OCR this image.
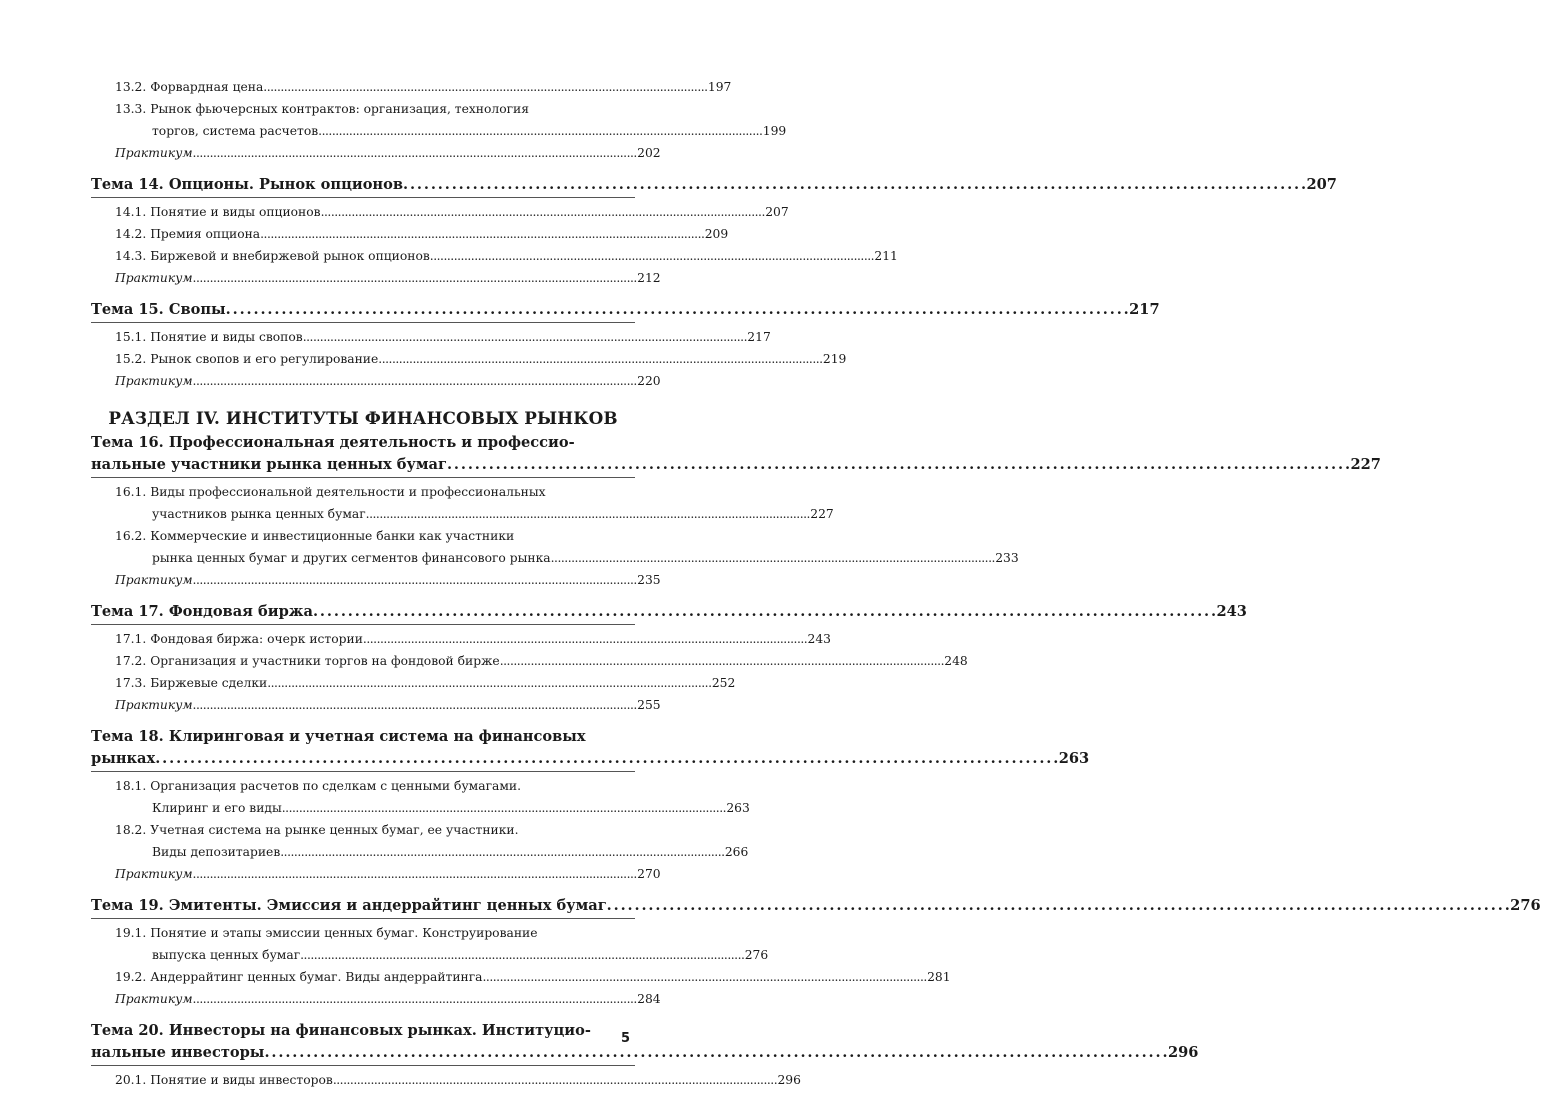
13.2. Форвардная цена . . .	197
13.3. Рынок фьючерсных контрактов: организация, технология
торгов, система расчетов . . .	199
Практикум . . .	202
Тема 14. Опционы. Рынок опционов . . .	207
14.1. Понятие и виды опционов . . .	207
14.2. Премия опциона . . .	209
14.3. Биржевой и внебиржевой рынок опционов . . .	211
Практикум . . .	212
Тема 15. Свопы . . .	217
15.1. Понятие и виды свопов . . .	217
15.2. Рынок свопов и его регулирование . . .	219
Практикум . . .	220
РАЗДЕЛ IV. ИНСТИТУТЫ ФИНАНСОВЫХ РЫНКОВ
Тема 16. Профессиональная деятельность и профессио-
нальные участники рынка ценных бумаг . . .	227
16.1. Виды профессиональной деятельности и профессиональных
участников рынка ценных бумаг . . .	227
16.2. Коммерческие и инвестиционные банки как участники
рынка ценных бумаг и других сегментов финансового рынка . . .	233
Практикум . . .	235
Тема 17. Фондовая биржа . . .	243
17.1. Фондовая биржа: очерк истории . . .	243
17.2. Организация и участники торгов на фондовой бирже . . .	248
17.3. Биржевые сделки . . .	252
Практикум . . .	255
Тема 18. Клиринговая и учетная система на финансовых
рынках . . .	263
18.1. Организация расчетов по сделкам с ценными бумагами.
Клиринг и его виды . . .	263
18.2. Учетная система на рынке ценных бумаг, ее участники.
Виды депозитариев . . .	266
Практикум . . .	270
Тема 19. Эмитенты. Эмиссия и андеррайтинг ценных бумаг . . .	276
19.1. Понятие и этапы эмиссии ценных бумаг. Конструирование
выпуска ценных бумаг . . .	276
19.2. Андеррайтинг ценных бумаг. Виды андеррайтинга . . .	281
Практикум . . .	284
Тема 20. Инвесторы на финансовых рынках. Институцио-
нальные инвесторы . . .	296
20.1. Понятие и виды инвесторов . . .	296
5
